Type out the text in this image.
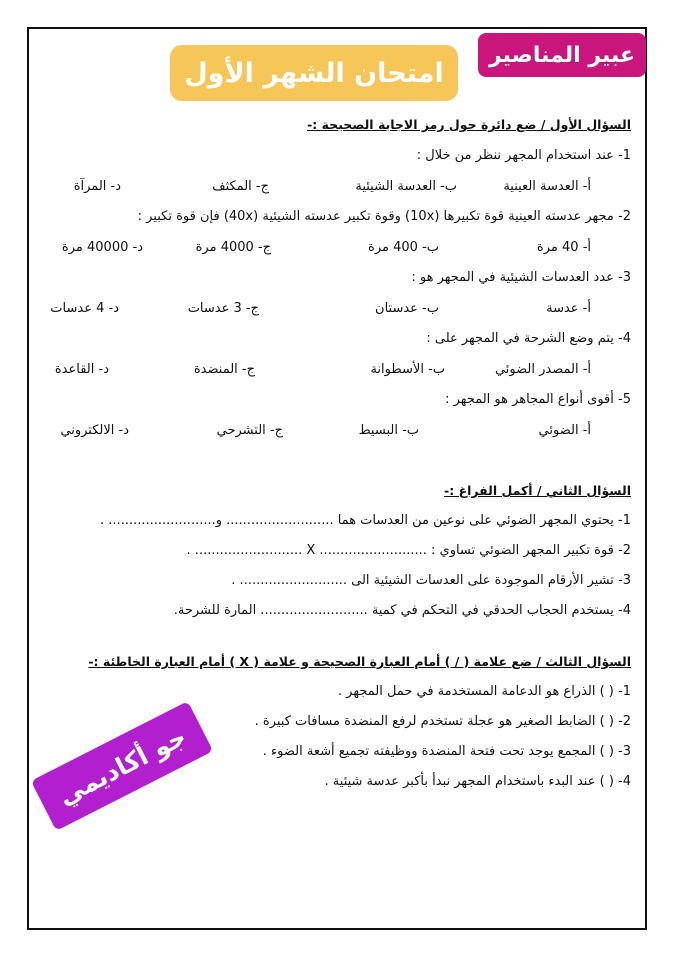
امتحان الشهر الأول
عبير المناصير
السؤال الأول / ضع دائرة حول رمز الاجابة الصحيحة :-
1- عند استخدام المجهر ننظر من خلال :
أ- العدسة العينية
ب- العدسة الشيئية
ج- المكثف
د- المرآة
2- مجهر عدسته العينية قوة تكبيرها (10x) وقوة تكبير عدسته الشيئية (40x) فإن قوة تكبير :
أ- 40 مرة
ب- 400 مرة
ج- 4000 مرة
د- 40000 مرة
3- عدد العدسات الشيئية في المجهر هو :
أ- عدسة
ب- عدستان
ج- 3 عدسات
د- 4 عدسات
4- يتم وضع الشرحة في المجهر على :
أ- المصدر الضوئي
ب- الأسطوانة
ج- المنضدة
د- القاعدة
5- أقوى أنواع المجاهر هو المجهر :
أ- الضوئي
ب- البسيط
ج- التشرحي
د- الالكتروني
السؤال الثاني / أكمل الفراغ :-
1- يحتوي المجهر الضوئي على نوعين من العدسات هما .......................... و.......................... .
2- قوة تكبير المجهر الضوئي تساوي : .......................... X .......................... .
3- تشير الأرقام الموجودة على العدسات الشيئية الى .......................... .
4- يستخدم الحجاب الحدقي في التحكم في كمية .......................... المارة للشرحة.
السؤال الثالث / ضع علامة ( / ) أمام العبارة الصحيحة و علامة ( X ) أمام العبارة الخاطئة :-
1- ( ) الذراع هو الدعامة المستخدمة في حمل المجهر .
2- ( ) الضابط الصغير هو عجلة تستخدم لرفع المنضدة مسافات كبيرة .
3- ( ) المجمع يوجد تحت فتحة المنضدة ووظيفته تجميع أشعة الضوء .
4- ( ) عند البدء باستخدام المجهر نبدأ بأكبر عدسة شيئية .
جو أكاديمي
